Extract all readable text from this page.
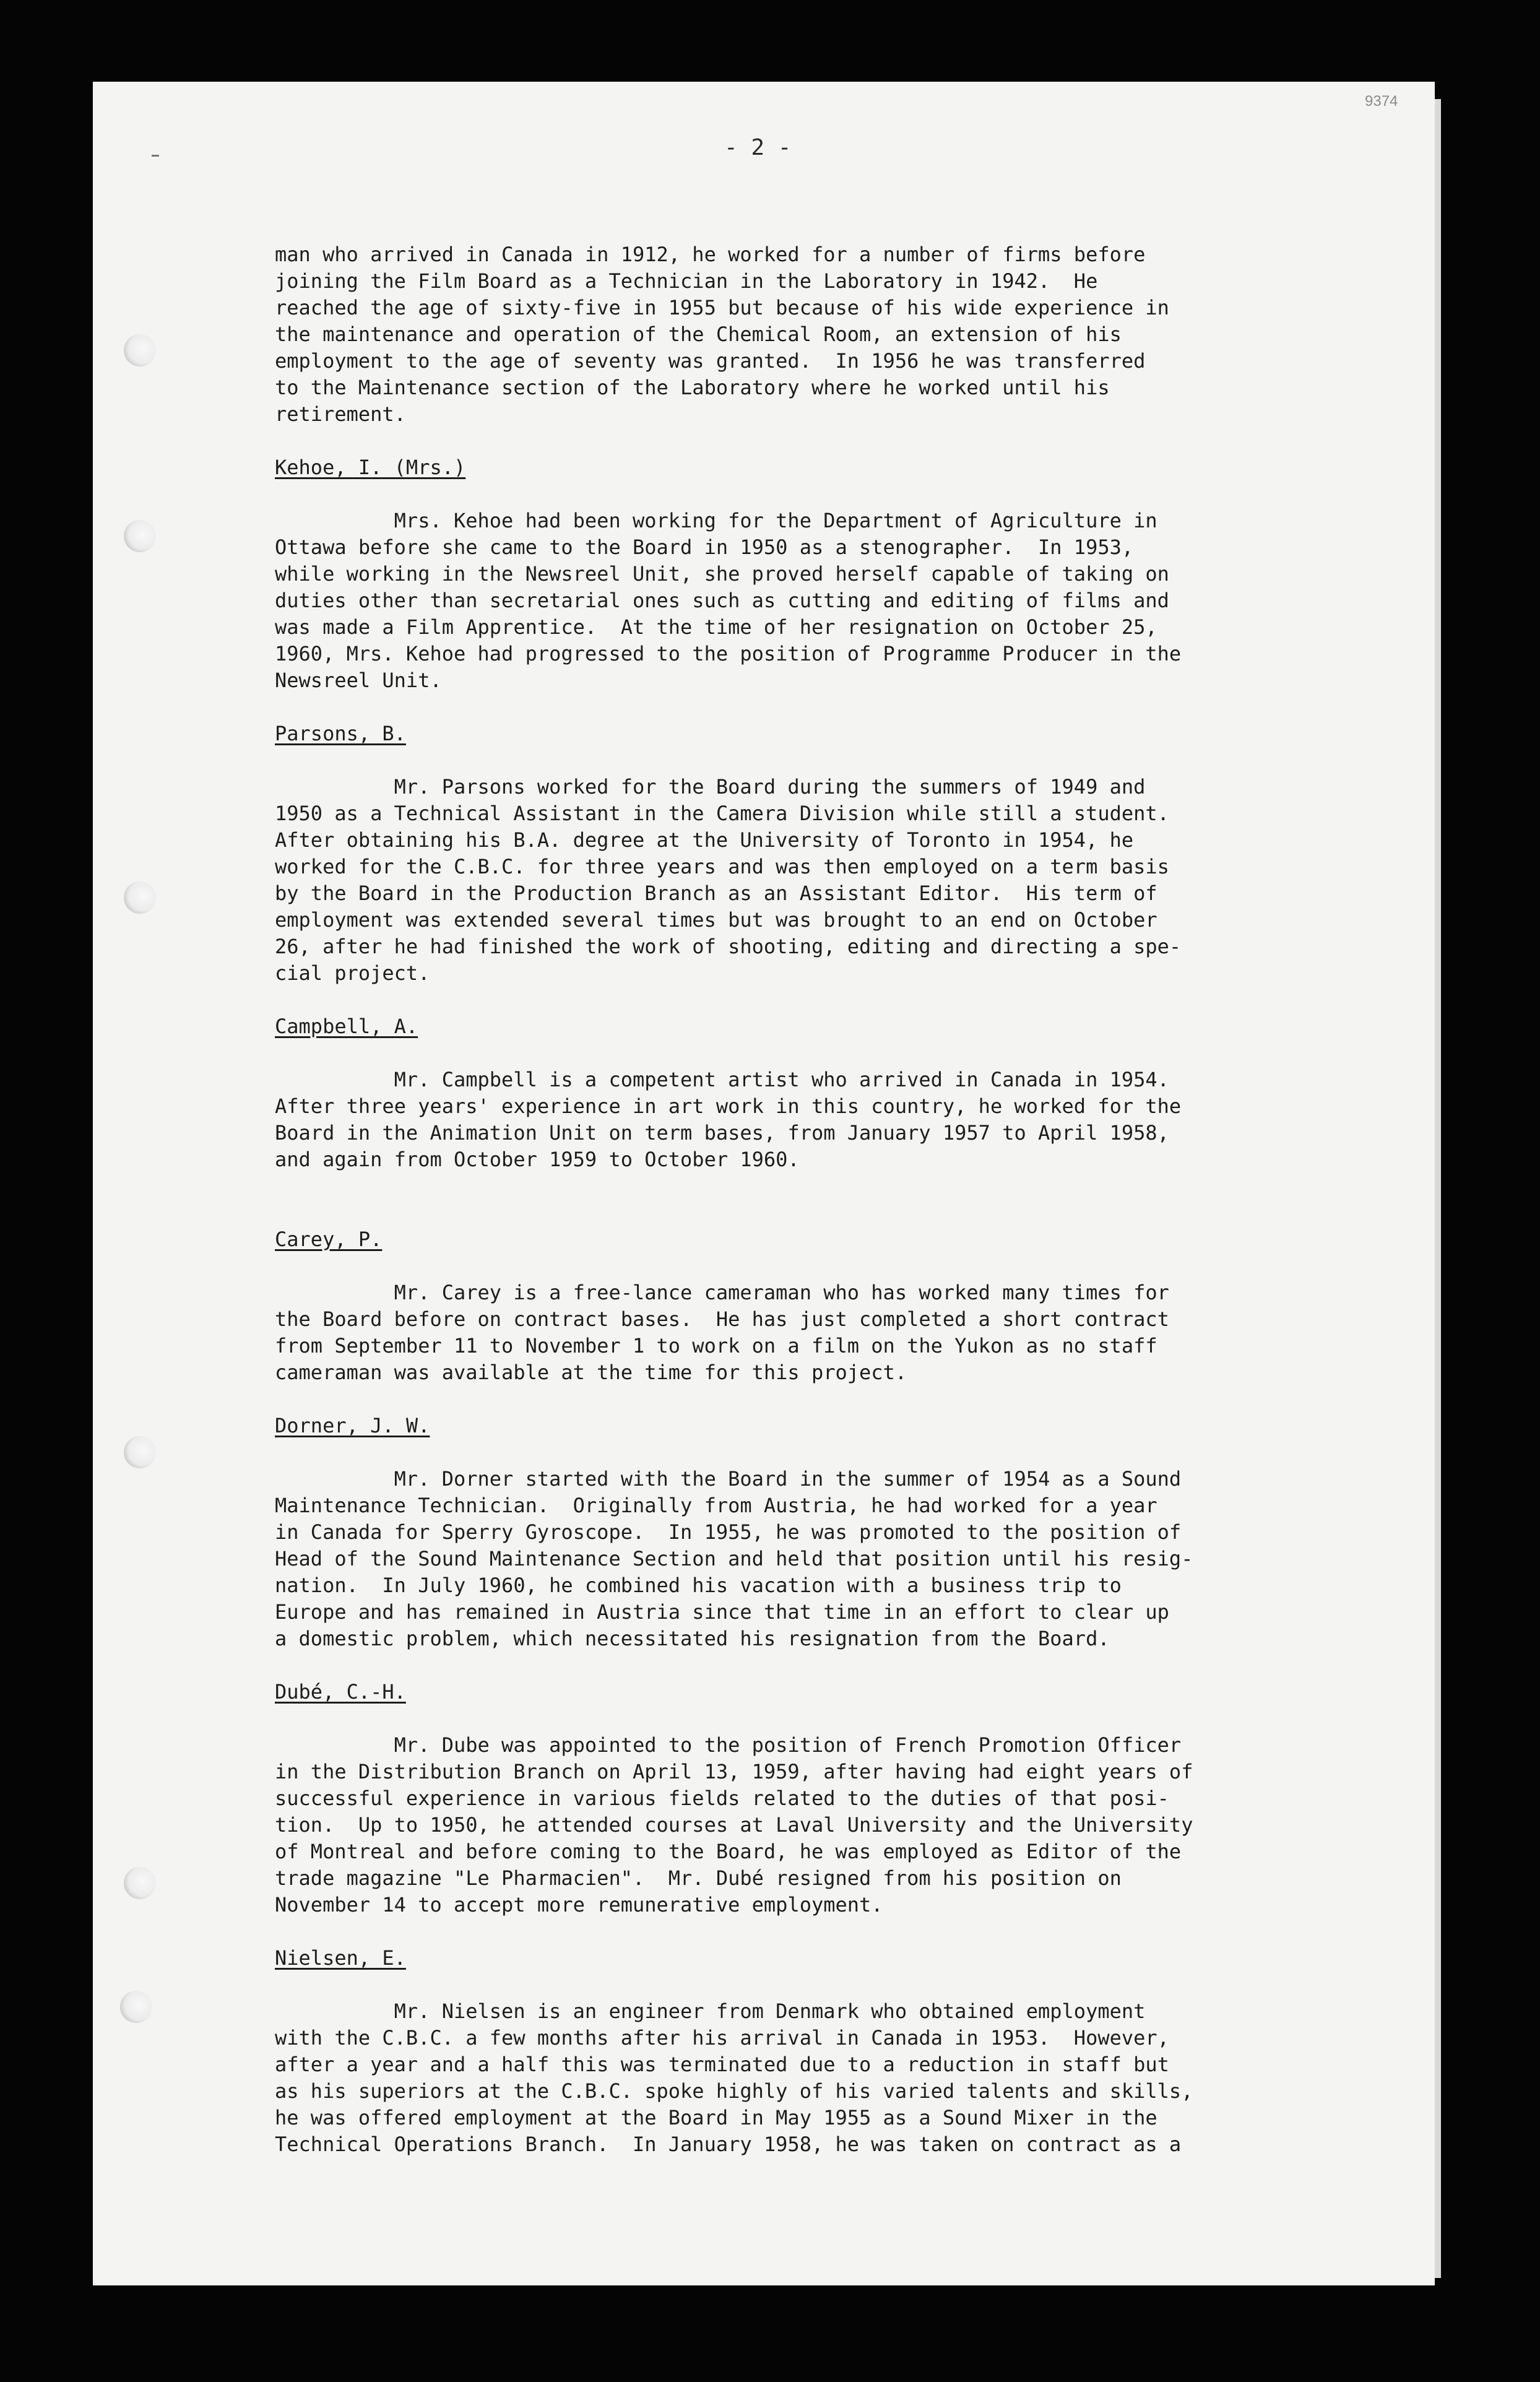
9374
- 2 -
man who arrived in Canada in 1912, he worked for a number of firms before
joining the Film Board as a Technician in the Laboratory in 1942.  He
reached the age of sixty-five in 1955 but because of his wide experience in
the maintenance and operation of the Chemical Room, an extension of his
employment to the age of seventy was granted.  In 1956 he was transferred
to the Maintenance section of the Laboratory where he worked until his
retirement.
Kehoe, I. (Mrs.)
Mrs. Kehoe had been working for the Department of Agriculture in
Ottawa before she came to the Board in 1950 as a stenographer.  In 1953,
while working in the Newsreel Unit, she proved herself capable of taking on
duties other than secretarial ones such as cutting and editing of films and
was made a Film Apprentice.  At the time of her resignation on October 25,
1960, Mrs. Kehoe had progressed to the position of Programme Producer in the
Newsreel Unit.
Parsons, B.
Mr. Parsons worked for the Board during the summers of 1949 and
1950 as a Technical Assistant in the Camera Division while still a student.
After obtaining his B.A. degree at the University of Toronto in 1954, he
worked for the C.B.C. for three years and was then employed on a term basis
by the Board in the Production Branch as an Assistant Editor.  His term of
employment was extended several times but was brought to an end on October
26, after he had finished the work of shooting, editing and directing a spe-
cial project.
Campbell, A.
Mr. Campbell is a competent artist who arrived in Canada in 1954.
After three years' experience in art work in this country, he worked for the
Board in the Animation Unit on term bases, from January 1957 to April 1958,
and again from October 1959 to October 1960.
Carey, P.
Mr. Carey is a free-lance cameraman who has worked many times for
the Board before on contract bases.  He has just completed a short contract
from September 11 to November 1 to work on a film on the Yukon as no staff
cameraman was available at the time for this project.
Dorner, J. W.
Mr. Dorner started with the Board in the summer of 1954 as a Sound
Maintenance Technician.  Originally from Austria, he had worked for a year
in Canada for Sperry Gyroscope.  In 1955, he was promoted to the position of
Head of the Sound Maintenance Section and held that position until his resig-
nation.  In July 1960, he combined his vacation with a business trip to
Europe and has remained in Austria since that time in an effort to clear up
a domestic problem, which necessitated his resignation from the Board.
Dubé, C.-H.
Mr. Dube was appointed to the position of French Promotion Officer
in the Distribution Branch on April 13, 1959, after having had eight years of
successful experience in various fields related to the duties of that posi-
tion.  Up to 1950, he attended courses at Laval University and the University
of Montreal and before coming to the Board, he was employed as Editor of the
trade magazine "Le Pharmacien".  Mr. Dubé resigned from his position on
November 14 to accept more remunerative employment.
Nielsen, E.
Mr. Nielsen is an engineer from Denmark who obtained employment
with the C.B.C. a few months after his arrival in Canada in 1953.  However,
after a year and a half this was terminated due to a reduction in staff but
as his superiors at the C.B.C. spoke highly of his varied talents and skills,
he was offered employment at the Board in May 1955 as a Sound Mixer in the
Technical Operations Branch.  In January 1958, he was taken on contract as a
